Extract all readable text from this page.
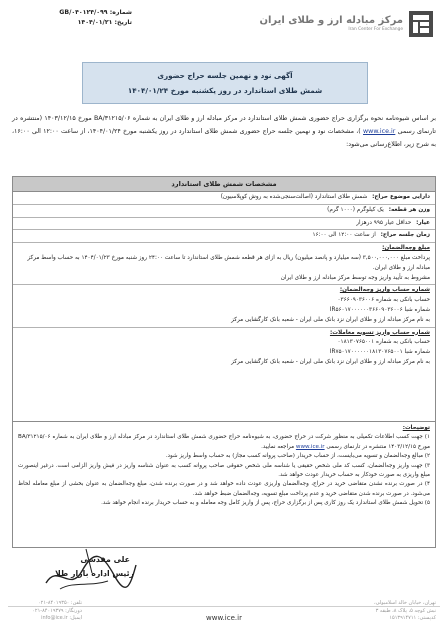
شماره: GB/۰۴۰۱۲۴/۰۹۹
تاریخ: ۱۴۰۴/۰۱/۲۱	مرکز مبادله ارز و طلای ایران
Iran Center For Exchange
آگهی نود و نهمین جلسه حراج حضوری
شمش طلای استاندارد در روز یکشنبه مورخ ۱۴۰۴/۰۱/۲۴
بر اساس شیوه‌نامه نحوه برگزاری حراج حضوری شمش طلای استاندارد در مرکز مبادله ارز و طلای ایران به شماره ۰۶/BA/۳۱۲۱۵ مورخ ۱۴۰۳/۱۲/۱۵ (منتشره در تارنمای رسمی www.ice.ir )، مشخصات نود و نهمین جلسه حراج حضوری شمش طلای استاندارد در روز یکشنبه مورخ ۱۴۰۴/۰۱/۲۴، از ساعت ۱۲:۰۰ الی ۱۶:۰۰، به شرح زیر، اطلاع‌رسانی می‌شود:
مشخصات شمش طلای استاندارد
دارایی موضوع حراج: شمش طلای استاندارد (اصالت‌سنجی‌شده به روش کوپلاسیون)
وزن هر قطعه: یک کیلوگرم (۱۰۰۰ گرم)
عیار: حداقل عیار ۹۹۵ درهزار
زمان جلسه حراج: از ساعت ۱۲:۰۰ الی ۱۶:۰۰
مبلغ وجه‌الضمان:
پرداخت مبلغ ۳,۵۰۰,۰۰۰,۰۰۰ (سه میلیارد و پانصد میلیون) ریال به ازای هر قطعه شمش طلای استاندارد تا ساعت ۲۴:۰۰ روز شنبه مورخ ۱۴۰۴/۰۱/۲۳ به حساب واسط مرکز مبادله ارز و طلای ایران.
مشروط به تأیید واریز وجه توسط مرکز مبادله ارز و طلای ایران
شماره حساب واریز وجه‌الضمان:
حساب بانکی به شماره ۰۳۶۶۰۹۰۳۶۰۰۶
شماره شبا IR۵۶۰۱۷۰۰۰۰۰۰۳۶۶۰۹۰۳۶۰۰۶
به نام مرکز مبادله ارز و طلای ایران نزد بانک ملی ایران - شعبه بانک کارگشایی مرکز
شماره حساب واریز تسویه معاملات:
حساب بانکی به شماره ۰۱۸۱۳۰۷۶۵۰۰۱
شماره شبا IR۷۵۰۱۷۰۰۰۰۰۰۱۸۱۳۰۷۶۵۰۰۱
به نام مرکز مبادله ارز و طلای ایران نزد بانک ملی ایران - شعبه بانک کارگشایی مرکز
توضیحات:

۱) جهت کسب اطلاعات تکمیلی به منظور شرکت در حراج حضوری، به شیوه‌نامه حراج حضوری شمش طلای استاندارد در مرکز مبادله ارز و طلای ایران به شماره ۰۶/BA/۳۱۲۱۵ مورخ ۱۴۰۳/۱۲/۱۵ منتشره در تارنمای رسمی www.ice.ir مراجعه نمایید.

۲) مبالغ وجه‌الضمان و تسویه می‌بایست، از حساب خریدار (صاحب پروانه کسب مجاز) به حساب واسط واریز شود.

۳) جهت واریز وجه‌الضمان، کسب کد ملی شخص حقیقی یا شناسه ملی شخص حقوقی صاحب پروانه کسب به عنوان شناسه واریز در فیش واریز الزامی است. درغیر اینصورت مبلغ واریزی به صورت خودکار به حساب خریدار عودت خواهد شد.

۴) در صورت برنده نشدن متقاضی خرید در حراج، وجه‌الضمان واریزی عودت داده خواهد شد و در صورت برنده شدن، مبلغ وجه‌الضمان به عنوان بخشی از مبلغ معامله لحاظ می‌شود. در صورت برنده شدن متقاضی خرید و عدم پرداخت مبلغ تسویه، وجه‌الضمان ضبط خواهد شد.

۵) تحویل شمش طلای استاندارد یک روز کاری پس از برگزاری حراج، پس از واریز کامل وجه معامله و به حساب خریدار برنده انجام خواهد شد.

علی مقدسی
رئیس اداره بازار طلا
تهران، خیابان خالد اسلامبولی،
نبش کوچه ۵، پلاک ۸، طبقه ۳
کدپستی: ۱۵۱۳۹۱۴۷۱۱
تلفن: ۸۴۰۱۹۳۵۰-۰۲۱
دورنگار: ۸۴۰۱۹۳۷۹-۰۲۱
ایمیل: info@ice.ir	www.ice.ir
